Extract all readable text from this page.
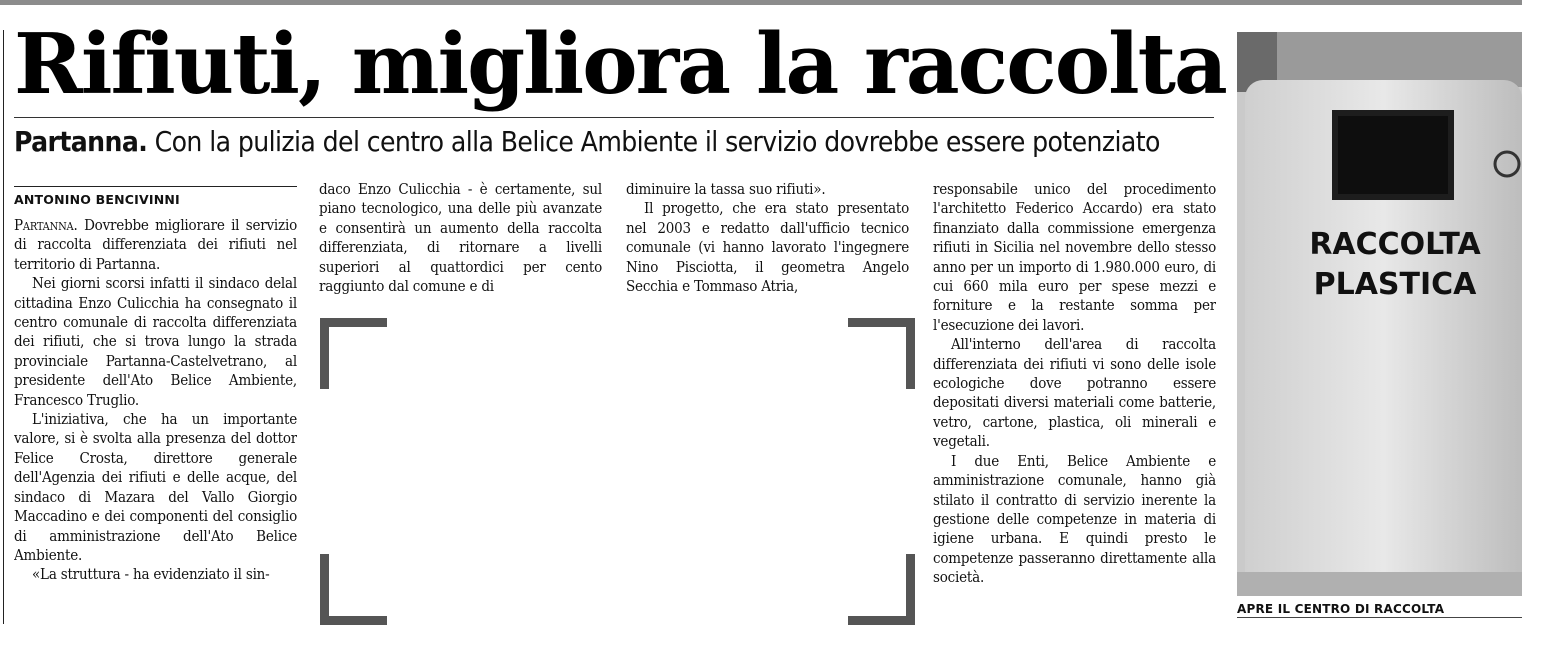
Rifiuti, migliora la raccolta
Partanna. Con la pulizia del centro alla Belice Ambiente il servizio dovrebbe essere potenziato
ANTONINO BENCIVINNI

Partanna. Dovrebbe migliorare il servizio di raccolta differenziata dei rifiuti nel territorio di Partanna.

Nei giorni scorsi infatti il sindaco delal cittadina Enzo Culicchia ha consegnato il centro comunale di raccolta differenziata dei rifiuti, che si trova lungo la strada provinciale Partanna-Castelvetrano, al presidente dell'Ato Belice Ambiente, Francesco Truglio.

L'iniziativa, che ha un importante valore, si è svolta alla presenza del dottor Felice Crosta, direttore generale dell'Agenzia dei rifiuti e delle acque, del sindaco di Mazara del Vallo Giorgio Maccadino e dei componenti del consiglio di amministrazione dell'Ato Belice Ambiente.

«La struttura - ha evidenziato il sin-

daco Enzo Culicchia - è certamente, sul piano tecnologico, una delle più avanzate e consentirà un aumento della raccolta differenziata, di ritornare a livelli superiori al quattordici per cento raggiunto dal comune e di

diminuire la tassa suo rifiuti».

Il progetto, che era stato presentato nel 2003 e redatto dall'ufficio tecnico comunale (vi hanno lavorato l'ingegnere Nino Pisciotta, il geometra Angelo Secchia e Tommaso Atria,

responsabile unico del procedimento l'architetto Federico Accardo) era stato finanziato dalla commissione emergenza rifiuti in Sicilia nel novembre dello stesso anno per un importo di 1.980.000 euro, di cui 660 mila euro per spese mezzi e forniture e la restante somma per l'esecuzione dei lavori.

All'interno dell'area di raccolta differenziata dei rifiuti vi sono delle isole ecologiche dove potranno essere depositati diversi materiali come batterie, vetro, cartone, plastica, oli minerali e vegetali.

I due Enti, Belice Ambiente e amministrazione comunale, hanno già stilato il contratto di servizio inerente la gestione delle competenze in materia di igiene urbana. E quindi presto le competenze passeranno direttamente alla società.

RACCOLTA
PLASTICA
APRE IL CENTRO DI RACCOLTA
